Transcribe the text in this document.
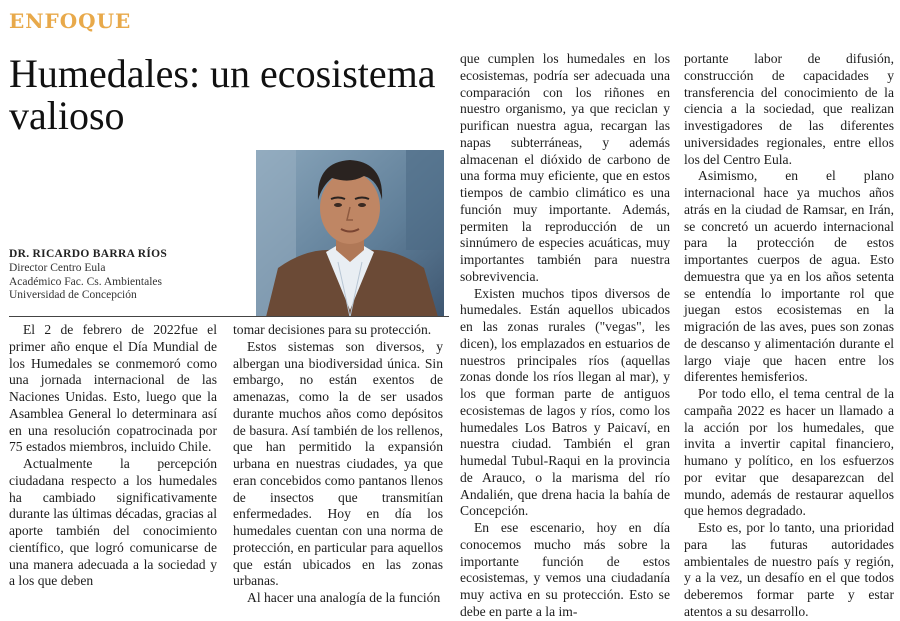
ENFOQUE
Humedales: un ecosistema valioso
DR. RICARDO BARRA RÍOS
Director Centro Eula
Académico Fac. Cs. Ambientales
Universidad de Concepción

El 2 de febrero de 2022fue el primer año enque el Día Mundial de los Humedales se conmemoró como una jornada internacional de las Naciones Unidas. Esto, luego que la Asamblea General lo determinara así en una resolución copatrocinada por 75 estados miembros, incluido Chile.

Actualmente la percepción ciudadana respecto a los humedales ha cambiado significativamente durante las últimas décadas, gracias al aporte también del conocimiento científico, que logró comunicarse de una manera adecuada a la sociedad y a los que deben

tomar decisiones para su protección.

Estos sistemas son diversos, y albergan una biodiversidad única. Sin embargo, no están exentos de amenazas, como la de ser usados durante muchos años como depósitos de basura. Así también de los rellenos, que han permitido la expansión urbana en nuestras ciudades, ya que eran concebidos como pantanos llenos de insectos que transmitían enfermedades. Hoy en día los humedales cuentan con una norma de protección, en particular para aquellos que están ubicados en las zonas urbanas.

Al hacer una analogía de la función

que cumplen los humedales en los ecosistemas, podría ser adecuada una comparación con los riñones en nuestro organismo, ya que reciclan y purifican nuestra agua, recargan las napas subterráneas, y además almacenan el dióxido de carbono de una forma muy eficiente, que en estos tiempos de cambio climático es una función muy importante. Además, permiten la reproducción de un sinnúmero de especies acuáticas, muy importantes también para nuestra sobrevivencia.

Existen muchos tipos diversos de humedales. Están aquellos ubicados en las zonas rurales ("vegas", les dicen), los emplazados en estuarios de nuestros principales ríos (aquellas zonas donde los ríos llegan al mar), y los que forman parte de antiguos ecosistemas de lagos y ríos, como los humedales Los Batros y Paicaví, en nuestra ciudad. También el gran humedal Tubul-Raqui en la provincia de Arauco, o la marisma del río Andalién, que drena hacia la bahía de Concepción.

En ese escenario, hoy en día conocemos mucho más sobre la importante función de estos ecosistemas, y vemos una ciudadanía muy activa en su protección. Esto se debe en parte a la im-

portante labor de difusión, construcción de capacidades y transferencia del conocimiento de la ciencia a la sociedad, que realizan investigadores de las diferentes universidades regionales, entre ellos los del Centro Eula.

Asimismo, en el plano internacional hace ya muchos años atrás en la ciudad de Ramsar, en Irán, se concretó un acuerdo internacional para la protección de estos importantes cuerpos de agua. Esto demuestra que ya en los años setenta se entendía lo importante rol que juegan estos ecosistemas en la migración de las aves, pues son zonas de descanso y alimentación durante el largo viaje que hacen entre los diferentes hemisferios.

Por todo ello, el tema central de la campaña 2022 es hacer un llamado a la acción por los humedales, que invita a invertir capital financiero, humano y político, en los esfuerzos por evitar que desaparezcan del mundo, además de restaurar aquellos que hemos degradado.

Esto es, por lo tanto, una prioridad para las futuras autoridades ambientales de nuestro país y región, y a la vez, un desafío en el que todos deberemos formar parte y estar atentos a su desarrollo.
